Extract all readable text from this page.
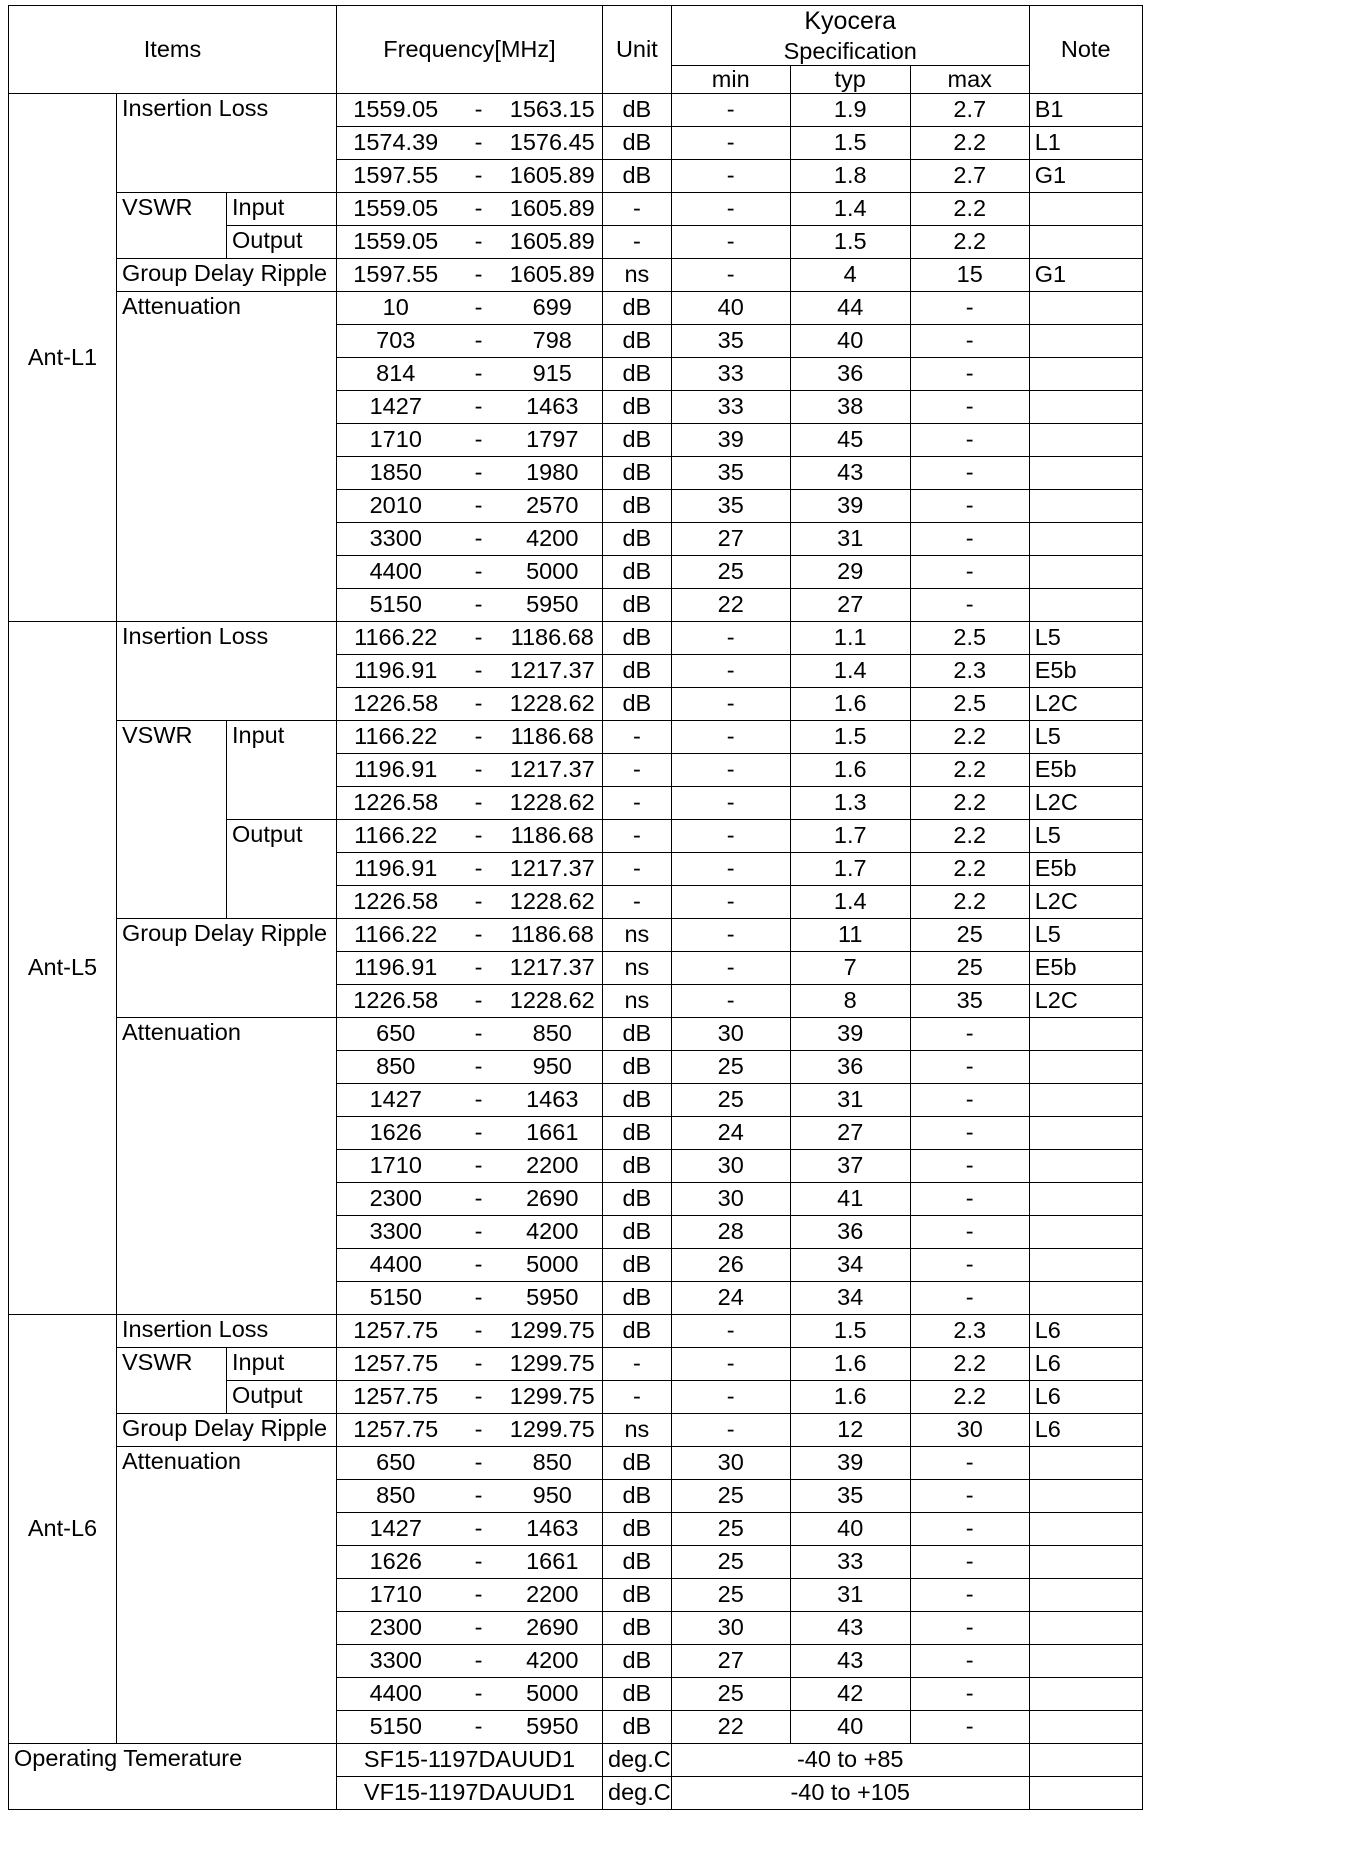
Items			Frequency[MHz]			Unit	Kyocera			Note
							Specification			
							min	typ	max	
Ant-L1	Insertion Loss		1559.05	-	1563.15	dB	-	1.9	2.7	B1
			1574.39	-	1576.45	dB	-	1.5	2.2	L1
			1597.55	-	1605.89	dB	-	1.8	2.7	G1
	VSWR	Input	1559.05	-	1605.89	-	-	1.4	2.2	
		Output	1559.05	-	1605.89	-	-	1.5	2.2	
	Group Delay Ripple		1597.55	-	1605.89	ns	-	4	15	G1
	Attenuation		10	-	699	dB	40	44	-	
			703	-	798	dB	35	40	-	
			814	-	915	dB	33	36	-	
			1427	-	1463	dB	33	38	-	
			1710	-	1797	dB	39	45	-	
			1850	-	1980	dB	35	43	-	
			2010	-	2570	dB	35	39	-	
			3300	-	4200	dB	27	31	-	
			4400	-	5000	dB	25	29	-	
			5150	-	5950	dB	22	27	-	
Ant-L5	Insertion Loss		1166.22	-	1186.68	dB	-	1.1	2.5	L5
			1196.91	-	1217.37	dB	-	1.4	2.3	E5b
			1226.58	-	1228.62	dB	-	1.6	2.5	L2C
	VSWR	Input	1166.22	-	1186.68	-	-	1.5	2.2	L5
			1196.91	-	1217.37	-	-	1.6	2.2	E5b
			1226.58	-	1228.62	-	-	1.3	2.2	L2C
		Output	1166.22	-	1186.68	-	-	1.7	2.2	L5
			1196.91	-	1217.37	-	-	1.7	2.2	E5b
			1226.58	-	1228.62	-	-	1.4	2.2	L2C
	Group Delay Ripple		1166.22	-	1186.68	ns	-	11	25	L5
			1196.91	-	1217.37	ns	-	7	25	E5b
			1226.58	-	1228.62	ns	-	8	35	L2C
	Attenuation		650	-	850	dB	30	39	-	
			850	-	950	dB	25	36	-	
			1427	-	1463	dB	25	31	-	
			1626	-	1661	dB	24	27	-	
			1710	-	2200	dB	30	37	-	
			2300	-	2690	dB	30	41	-	
			3300	-	4200	dB	28	36	-	
			4400	-	5000	dB	26	34	-	
			5150	-	5950	dB	24	34	-	
Ant-L6	Insertion Loss		1257.75	-	1299.75	dB	-	1.5	2.3	L6
	VSWR	Input	1257.75	-	1299.75	-	-	1.6	2.2	L6
		Output	1257.75	-	1299.75	-	-	1.6	2.2	L6
	Group Delay Ripple		1257.75	-	1299.75	ns	-	12	30	L6
	Attenuation		650	-	850	dB	30	39	-	
			850	-	950	dB	25	35	-	
			1427	-	1463	dB	25	40	-	
			1626	-	1661	dB	25	33	-	
			1710	-	2200	dB	25	31	-	
			2300	-	2690	dB	30	43	-	
			3300	-	4200	dB	27	43	-	
			4400	-	5000	dB	25	42	-	
			5150	-	5950	dB	22	40	-	
Operating Temerature			SF15-1197DAUUD1			deg.C	-40 to +85			
			VF15-1197DAUUD1			deg.C	-40 to +105			
